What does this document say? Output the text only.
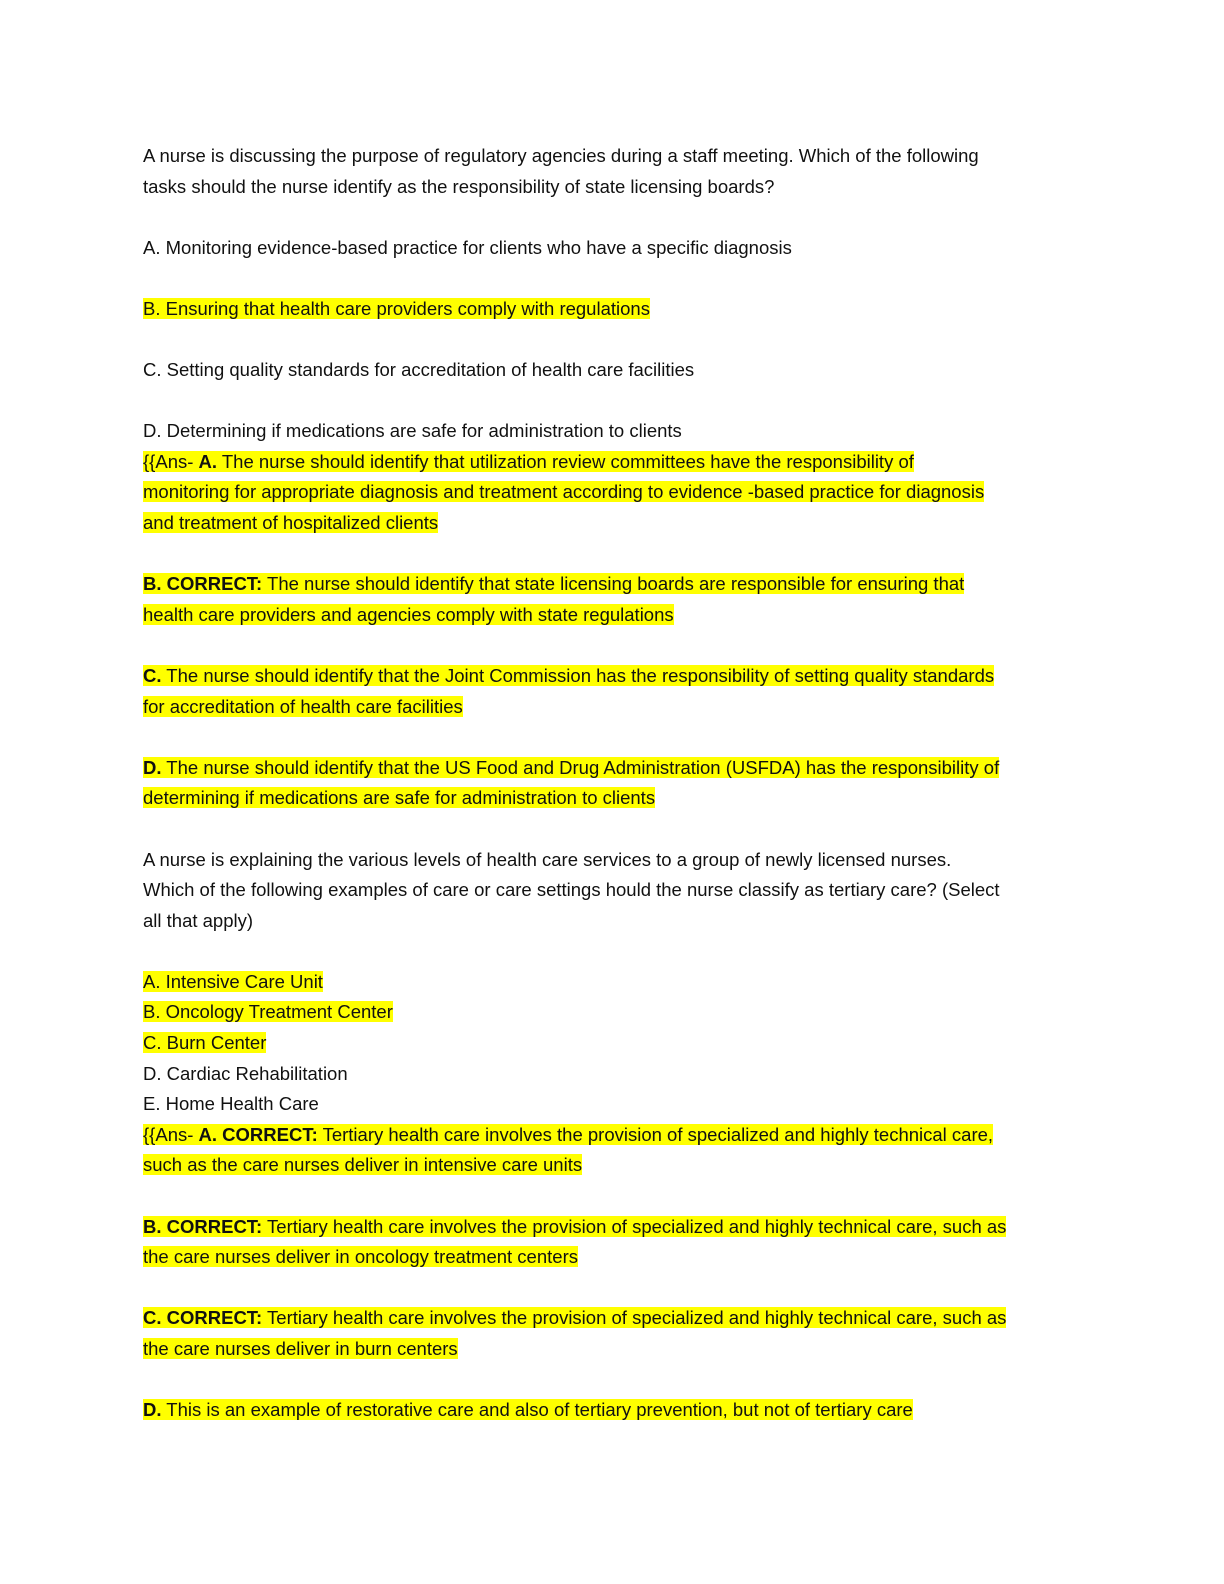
A nurse is discussing the purpose of regulatory agencies during a staff meeting. Which of the following
tasks should the nurse identify as the responsibility of state licensing boards?
A. Monitoring evidence-based practice for clients who have a specific diagnosis
B. Ensuring that health care providers comply with regulations
C. Setting quality standards for accreditation of health care facilities
D. Determining if medications are safe for administration to clients
{{Ans- A. The nurse should identify that utilization review committees have the responsibility of
monitoring for appropriate diagnosis and treatment according to evidence -based practice for diagnosis
and treatment of hospitalized clients
B. CORRECT: The nurse should identify that state licensing boards are responsible for ensuring that
health care providers and agencies comply with state regulations
C. The nurse should identify that the Joint Commission has the responsibility of setting quality standards
for accreditation of health care facilities
D. The nurse should identify that the US Food and Drug Administration (USFDA) has the responsibility of
determining if medications are safe for administration to clients
A nurse is explaining the various levels of health care services to a group of newly licensed nurses.
Which of the following examples of care or care settings hould the nurse classify as tertiary care? (Select
all that apply)
A. Intensive Care Unit
B. Oncology Treatment Center
C. Burn Center
D. Cardiac Rehabilitation
E. Home Health Care
{{Ans- A. CORRECT: Tertiary health care involves the provision of specialized and highly technical care,
such as the care nurses deliver in intensive care units
B. CORRECT: Tertiary health care involves the provision of specialized and highly technical care, such as
the care nurses deliver in oncology treatment centers
C. CORRECT: Tertiary health care involves the provision of specialized and highly technical care, such as
the care nurses deliver in burn centers
D. This is an example of restorative care and also of tertiary prevention, but not of tertiary care
